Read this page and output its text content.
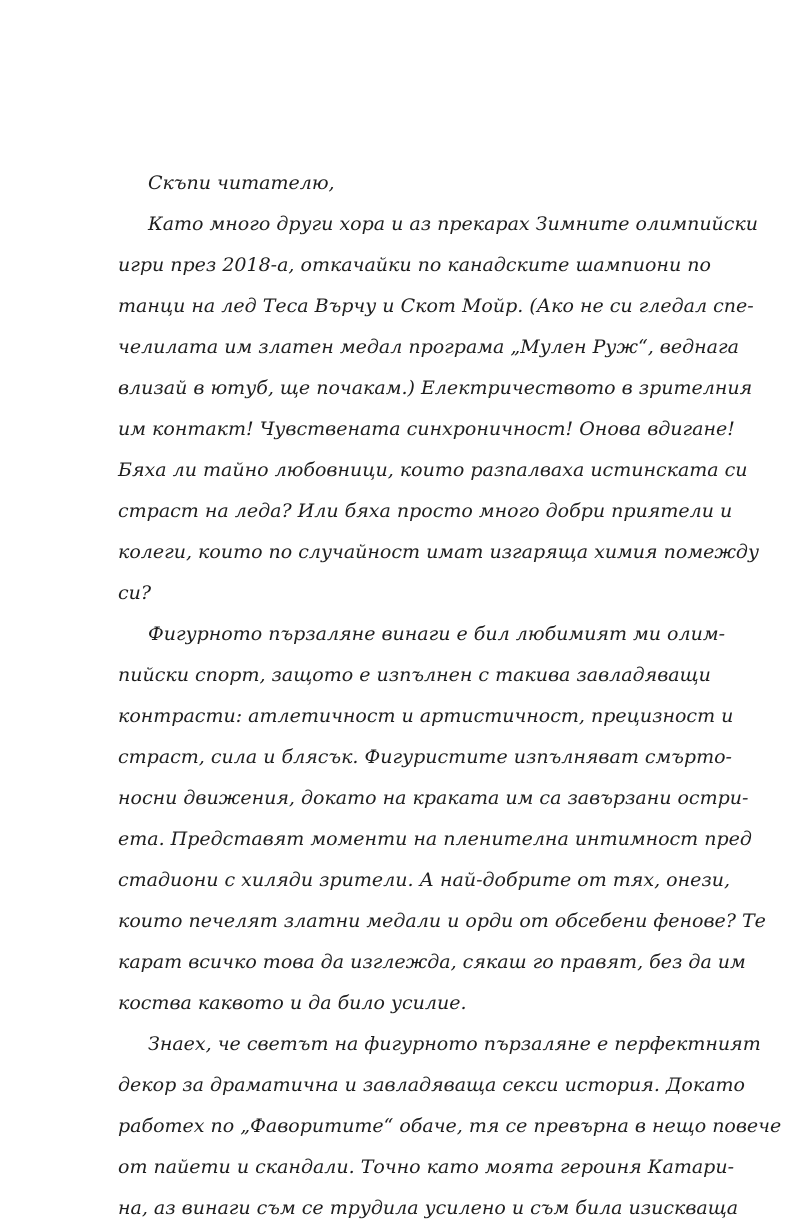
Скъпи читателю,
Като много други хора и аз прекарах Зимните олимпийски
игри през 2018-а, откачайки по канадските шампиони по
танци на лед Теса Върчу и Скот Мойр. (Ако не си гледал спе-
челилата им златен медал програма „Мулен Руж“, веднага
влизай в ютуб, ще почакам.) Електричеството в зрителния
им контакт! Чувствената синхроничност! Онова вдигане!
Бяха ли тайно любовници, които разпалваха истинската си
страст на леда? Или бяха просто много добри приятели и
колеги, които по случайност имат изгаряща химия помежду
си?
Фигурното пързаляне винаги е бил любимият ми олим-
пийски спорт, защото е изпълнен с такива завладяващи
контрасти: атлетичност и артистичност, прецизност и
страст, сила и блясък. Фигуристите изпълняват смърто-
носни движения, докато на краката им са завързани остри-
ета. Представят моменти на пленителна интимност пред
стадиони с хиляди зрители. А най-добрите от тях, онези,
които печелят златни медали и орди от обсебени фенове? Те
карат всичко това да изглежда, сякаш го правят, без да им
коства каквото и да било усилие.
Знаех, че светът на фигурното пързаляне е перфектният
декор за драматична и завладяваща секси история. Докато
работех по „Фаворитите“ обаче, тя се превърна в нещо повече
от пайети и скандали. Точно като моята героиня Катари-
на, аз винаги съм се трудила усилено и съм била изискваща
